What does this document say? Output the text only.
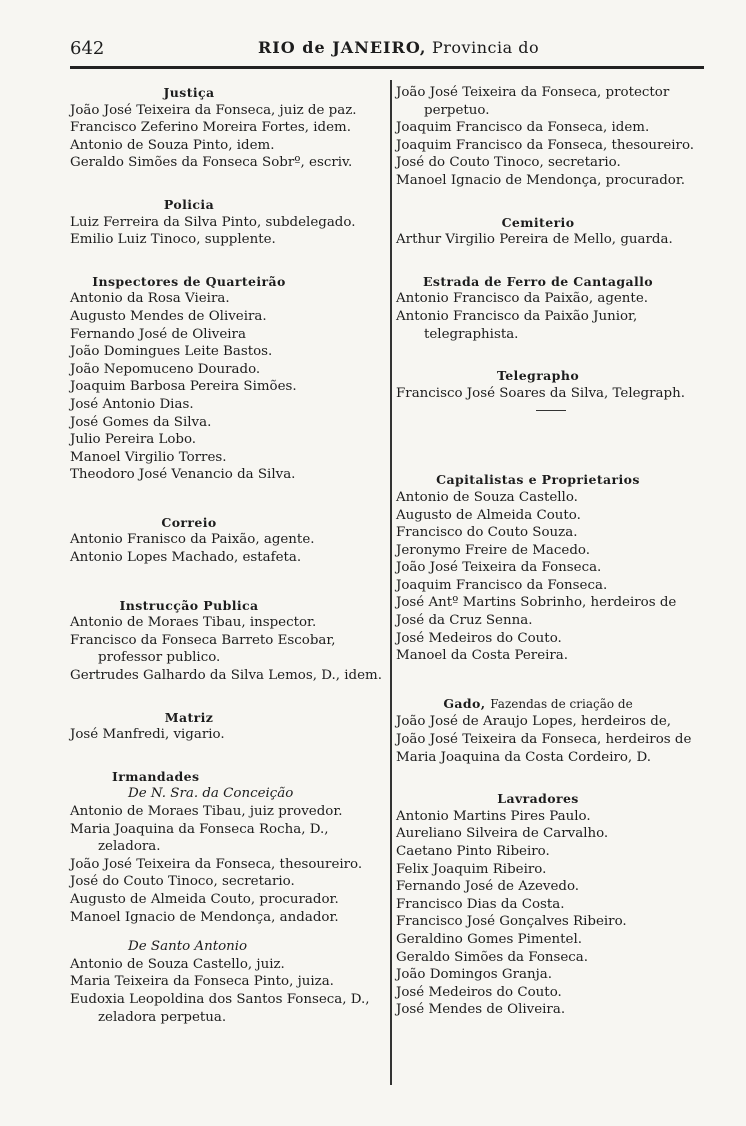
642	RIO de JANEIRO, Provincia do
Justiça
João José Teixeira da Fonseca, juiz de paz.
Francisco Zeferino Moreira Fortes, idem.
Antonio de Souza Pinto, idem.
Geraldo Simões da Fonseca Sobrº, escriv.
Policia
Luiz Ferreira da Silva Pinto, subdelegado.
Emilio Luiz Tinoco, supplente.
Inspectores de Quarteirão
Antonio da Rosa Vieira.
Augusto Mendes de Oliveira.
Fernando José de Oliveira
João Domingues Leite Bastos.
João Nepomuceno Dourado.
Joaquim Barbosa Pereira Simões.
José Antonio Dias.
José Gomes da Silva.
Julio Pereira Lobo.
Manoel Virgilio Torres.
Theodoro José Venancio da Silva.
Correio
Antonio Franisco da Paixão, agente.
Antonio Lopes Machado, estafeta.
Instrucção Publica
Antonio de Moraes Tibau, inspector.
Francisco da Fonseca Barreto Escobar, professor publico.
Gertrudes Galhardo da Silva Lemos, D., idem.
Matriz
José Manfredi, vigario.
Irmandades
De N. Sra. da Conceição
Antonio de Moraes Tibau, juiz provedor.
Maria Joaquina da Fonseca Rocha, D., zeladora.
João José Teixeira da Fonseca, thesoureiro.
José do Couto Tinoco, secretario.
Augusto de Almeida Couto, procurador.
Manoel Ignacio de Mendonça, andador.
De Santo Antonio
Antonio de Souza Castello, juiz.
Maria Teixeira da Fonseca Pinto, juiza.
Eudoxia Leopoldina dos Santos Fonseca, D., zeladora perpetua.
João José Teixeira da Fonseca, protector perpetuo.
Joaquim Francisco da Fonseca, idem.
Joaquim Francisco da Fonseca, thesoureiro.
José do Couto Tinoco, secretario.
Manoel Ignacio de Mendonça, procurador.
Cemiterio
Arthur Virgilio Pereira de Mello, guarda.
Estrada de Ferro de Cantagallo
Antonio Francisco da Paixão, agente.
Antonio Francisco da Paixão Junior, telegraphista.
Telegrapho
Francisco José Soares da Silva, Telegraph.
Capitalistas e Proprietarios
Antonio de Souza Castello.
Augusto de Almeida Couto.
Francisco do Couto Souza.
Jeronymo Freire de Macedo.
João José Teixeira da Fonseca.
Joaquim Francisco da Fonseca.
José Antº Martins Sobrinho, herdeiros de
José da Cruz Senna.
José Medeiros do Couto.
Manoel da Costa Pereira.
Gado, Fazendas de criação de
João José de Araujo Lopes, herdeiros de,
João José Teixeira da Fonseca, herdeiros de
Maria Joaquina da Costa Cordeiro, D.
Lavradores
Antonio Martins Pires Paulo.
Aureliano Silveira de Carvalho.
Caetano Pinto Ribeiro.
Felix Joaquim Ribeiro.
Fernando José de Azevedo.
Francisco Dias da Costa.
Francisco José Gonçalves Ribeiro.
Geraldino Gomes Pimentel.
Geraldo Simões da Fonseca.
João Domingos Granja.
José Medeiros do Couto.
José Mendes de Oliveira.
